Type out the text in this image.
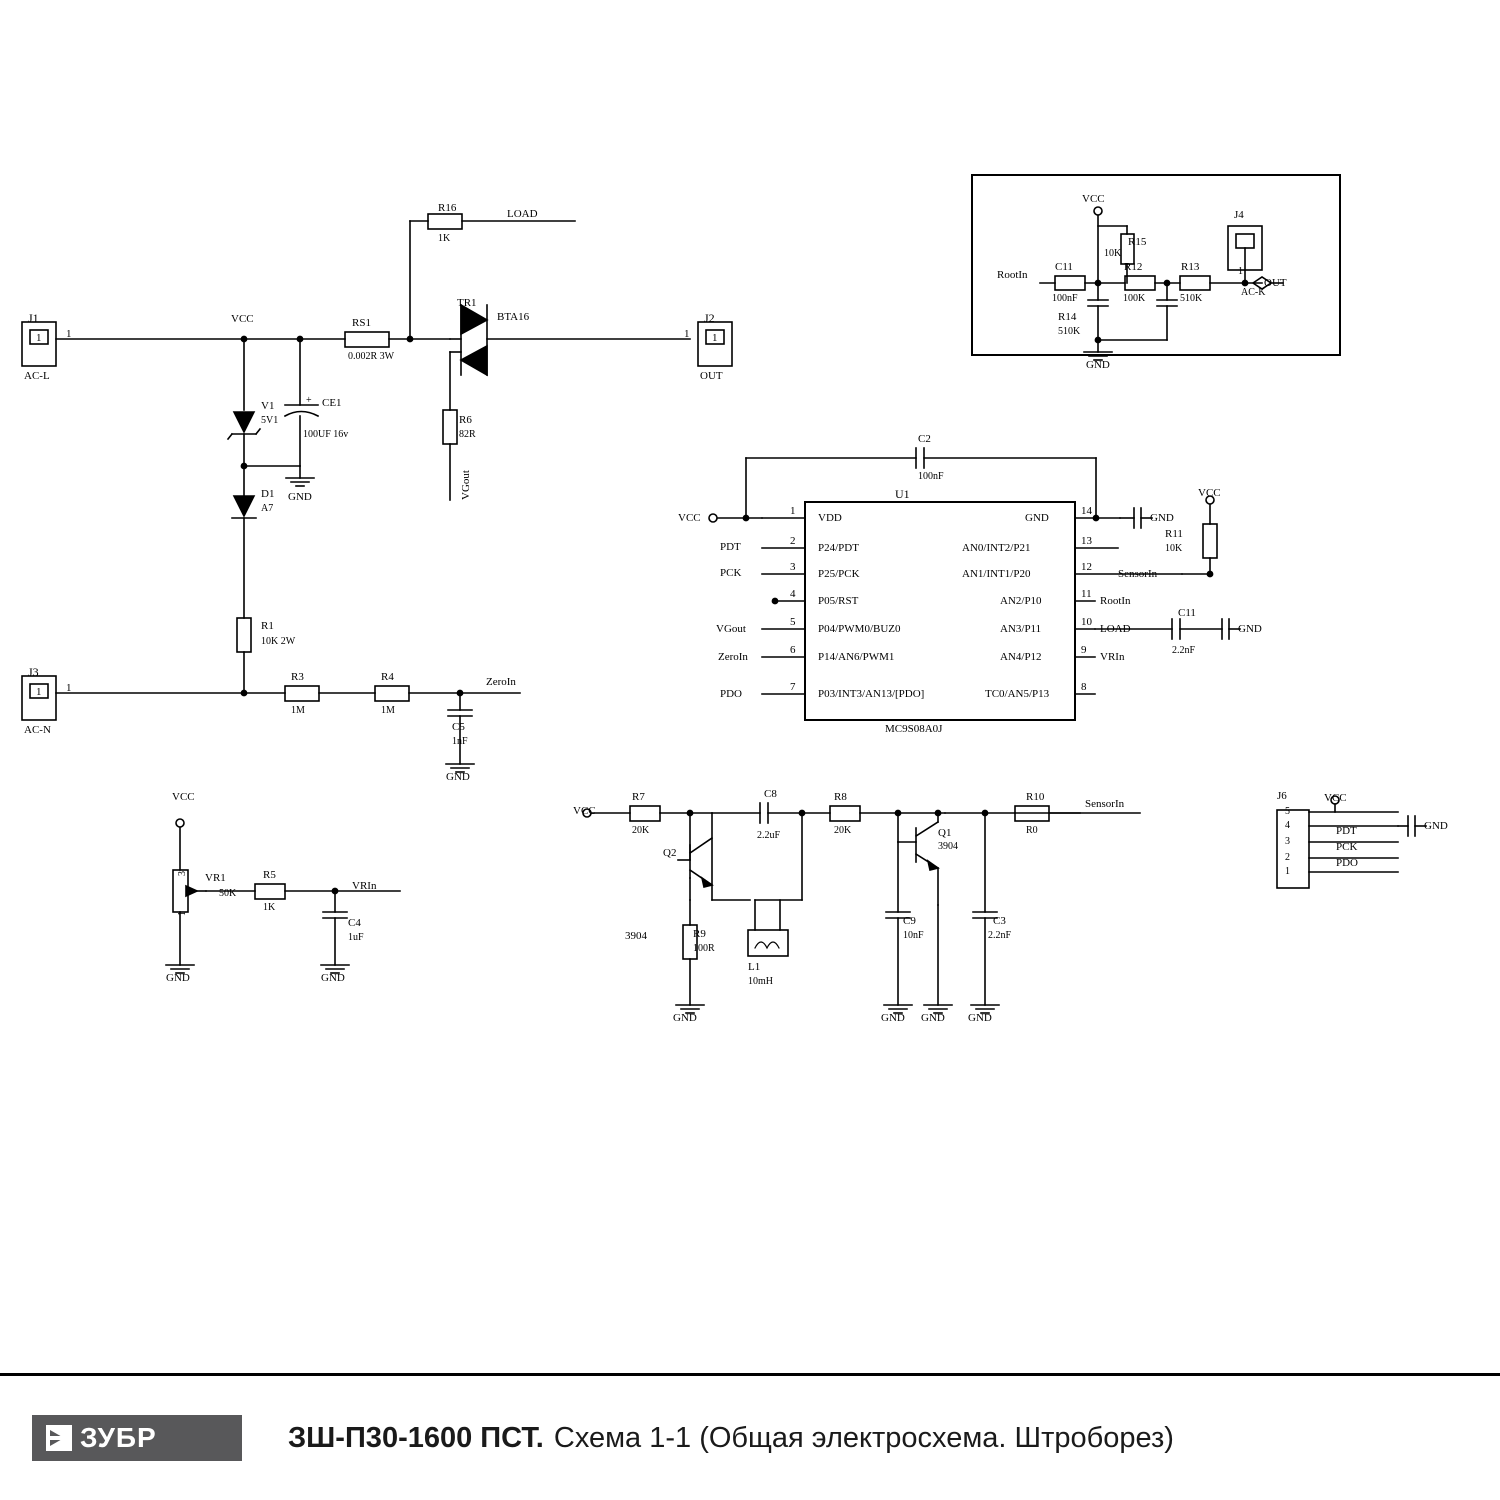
VCC
RootIn
C11
100nF
R15
10K
R12
100K
R13
510K
R14
510K
J4
1
OUT
AC-K
GND
J1
1 1
AC-L
VCC	RS1
0.002R 3W
R16
1K
LOAD
TR1
BTA16
R6
82R
VGout
J2
1
1
OUT
V1
5V1
CE1
100UF 16v
+
GND
D1
A7
R1
10K 2W
J3
1 1
AC-N
R3
1M
R4
1M
ZeroIn
C5
1nF
GND
VCC
VR1
50K
3
1
R5
1K
VRIn
C4
1uF
GND	GND
U1
MC9S08A0J
VDD
P24/PDT
P25/PCK
P05/RST
P04/PWM0/BUZ0
P14/AN6/PWM1
P03/INT3/AN13/[PDO]
1
2
3
4
5
6
7
GND
AN0/INT2/P21
AN1/INT1/P20
AN2/P10
AN3/P11
AN4/P12
TC0/AN5/P13
14
13
12
11
10
9
8
VCC
PDT
PCK
VGout
ZeroIn
PDO
GND
SensorIn
RootIn
LOAD
VRIn
C2
100nF
VCC
R11
10K
C11
2.2nF
GND
VCC
R7
20K
Q2
3904	R9
100R
GND
C8
2.2uF
L1
10mH
R8
20K	Q1
3904
R10
R0
SensorIn
C9
10nF
C3
2.2nF
GND GND GND
J6	VCC
5
4
3
2
1
PDT
PCK
PDO
GND
ЗУБР	ЗШ-П30-1600 ПСТ. Схема 1-1 (Общая электросхема. Штроборез)
